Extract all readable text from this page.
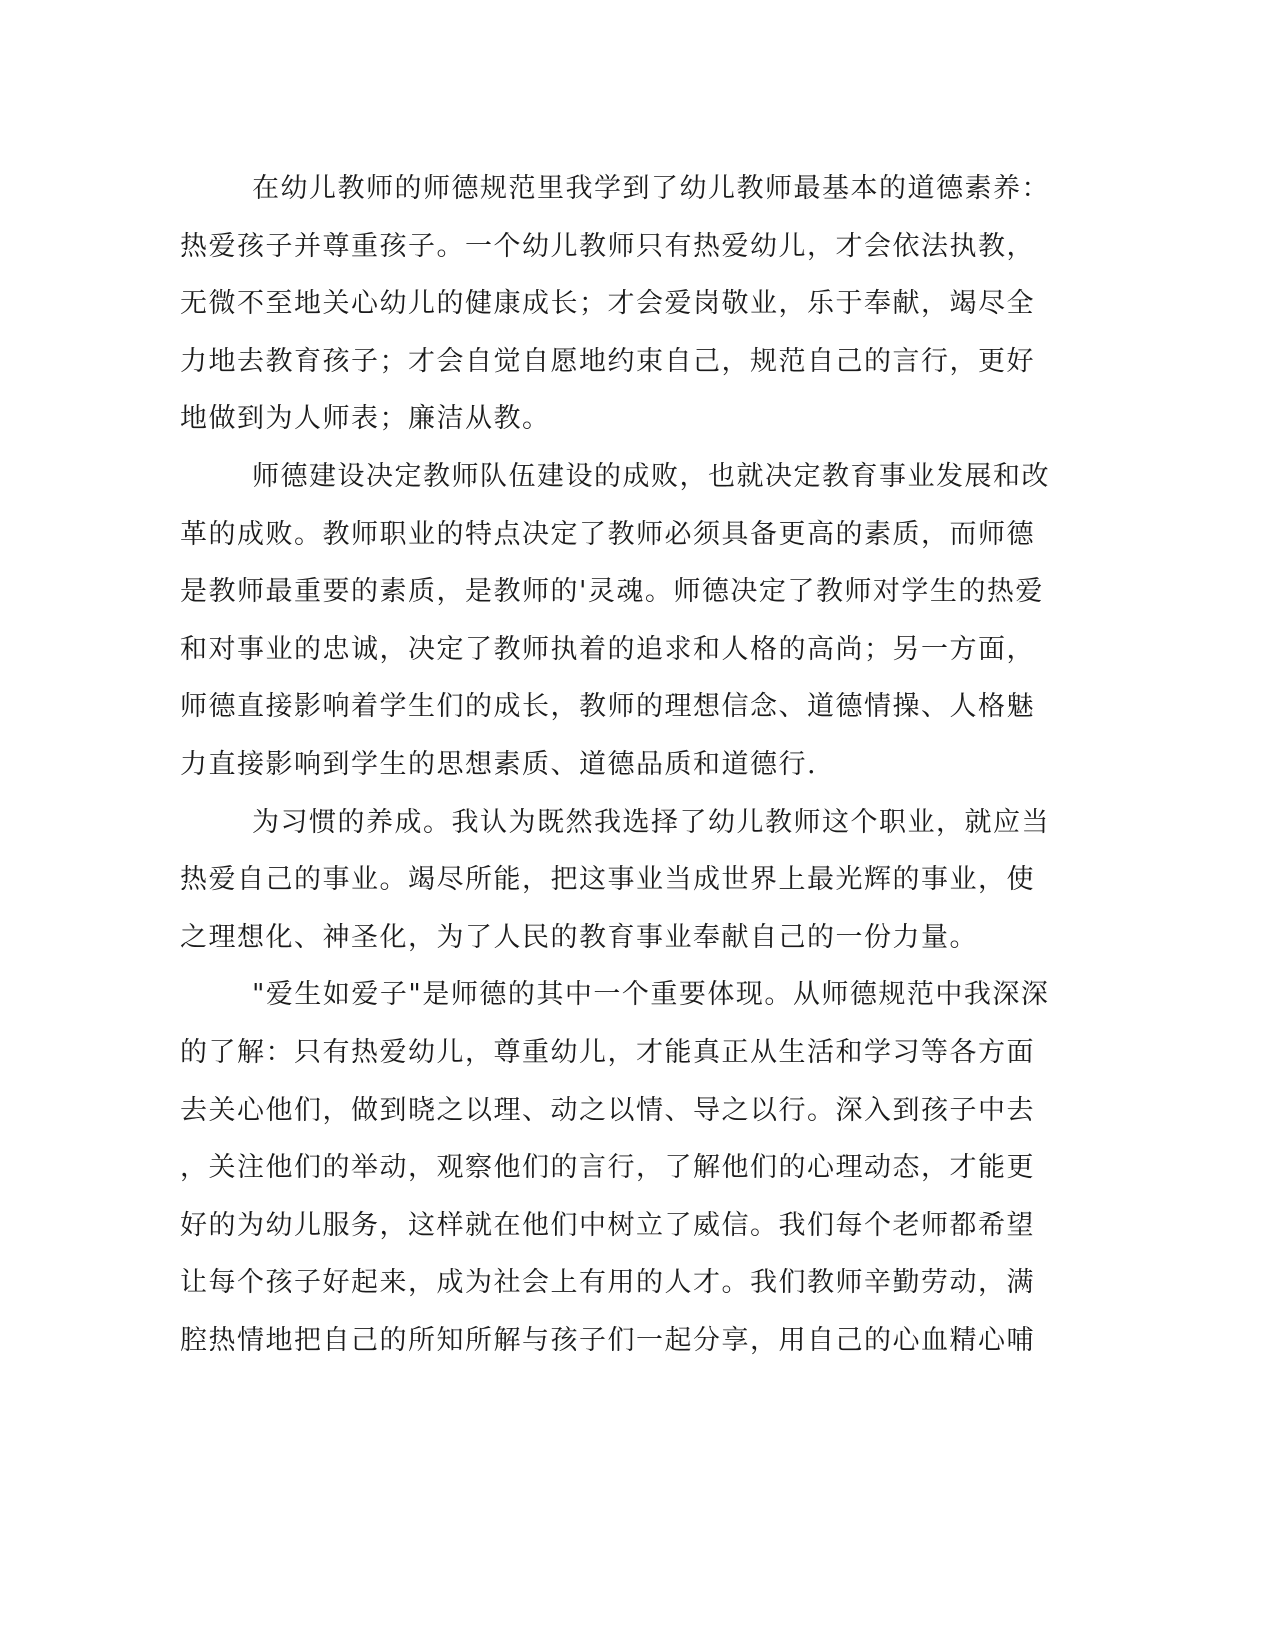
在幼儿教师的师德规范里我学到了幼儿教师最基本的道德素养：
热爱孩子并尊重孩子。一个幼儿教师只有热爱幼儿，才会依法执教，
无微不至地关心幼儿的健康成长；才会爱岗敬业，乐于奉献，竭尽全
力地去教育孩子；才会自觉自愿地约束自己，规范自己的言行，更好
地做到为人师表；廉洁从教。
师德建设决定教师队伍建设的成败，也就决定教育事业发展和改
革的成败。教师职业的特点决定了教师必须具备更高的素质，而师德
是教师最重要的素质，是教师的'灵魂。师德决定了教师对学生的热爱
和对事业的忠诚，决定了教师执着的追求和人格的高尚；另一方面，
师德直接影响着学生们的成长，教师的理想信念、道德情操、人格魅
力直接影响到学生的思想素质、道德品质和道德行.
为习惯的养成。我认为既然我选择了幼儿教师这个职业，就应当
热爱自己的事业。竭尽所能，把这事业当成世界上最光辉的事业，使
之理想化、神圣化，为了人民的教育事业奉献自己的一份力量。
"爱生如爱子"是师德的其中一个重要体现。从师德规范中我深深
的了解：只有热爱幼儿，尊重幼儿，才能真正从生活和学习等各方面
去关心他们，做到晓之以理、动之以情、导之以行。深入到孩子中去
，关注他们的举动，观察他们的言行，了解他们的心理动态，才能更
好的为幼儿服务，这样就在他们中树立了威信。我们每个老师都希望
让每个孩子好起来，成为社会上有用的人才。我们教师辛勤劳动，满
腔热情地把自己的所知所解与孩子们一起分享，用自己的心血精心哺
